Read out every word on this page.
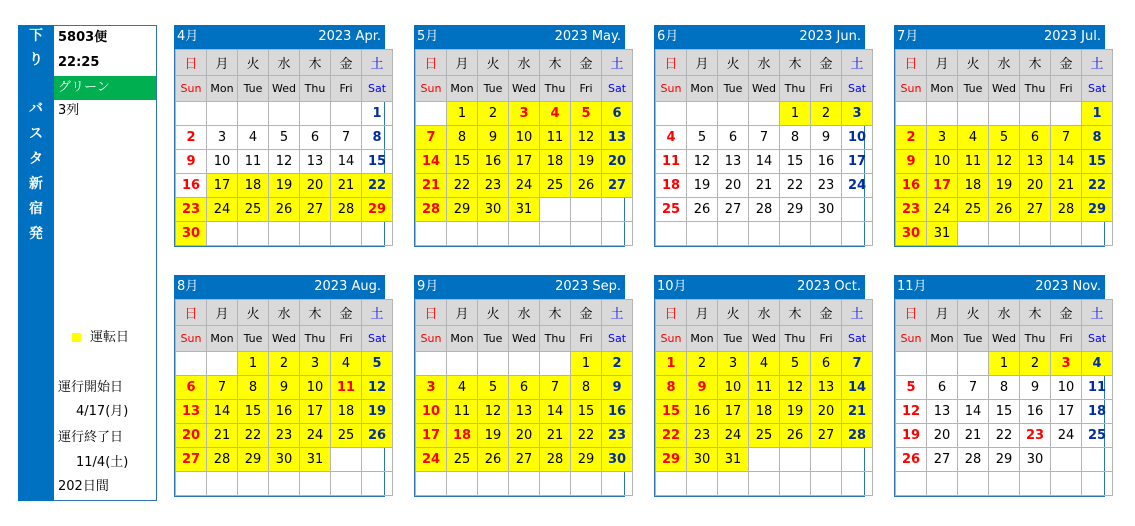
下
り
バ
ス
タ
新
宿
発
5803便
22:25
グリーン
3列
運転日
運行開始日
4/17(月)
運行終了日
11/4(土)
202日間
4月	2023 Apr.
日	月	火	水	木	金	土
Sun	Mon	Tue	Wed	Thu	Fri	Sat
						1
2	3	4	5	6	7	8
9	10	11	12	13	14	15
16	17	18	19	20	21	22
23	24	25	26	27	28	29
30						
5月	2023 May.
日	月	火	水	木	金	土
Sun	Mon	Tue	Wed	Thu	Fri	Sat
	1	2	3	4	5	6
7	8	9	10	11	12	13
14	15	16	17	18	19	20
21	22	23	24	25	26	27
28	29	30	31			

6月	2023 Jun.
日	月	火	水	木	金	土
Sun	Mon	Tue	Wed	Thu	Fri	Sat
				1	2	3
4	5	6	7	8	9	10
11	12	13	14	15	16	17
18	19	20	21	22	23	24
25	26	27	28	29	30	

7月	2023 Jul.
日	月	火	水	木	金	土
Sun	Mon	Tue	Wed	Thu	Fri	Sat
						1
2	3	4	5	6	7	8
9	10	11	12	13	14	15
16	17	18	19	20	21	22
23	24	25	26	27	28	29
30	31					
8月	2023 Aug.
日	月	火	水	木	金	土
Sun	Mon	Tue	Wed	Thu	Fri	Sat
		1	2	3	4	5
6	7	8	9	10	11	12
13	14	15	16	17	18	19
20	21	22	23	24	25	26
27	28	29	30	31		

9月	2023 Sep.
日	月	火	水	木	金	土
Sun	Mon	Tue	Wed	Thu	Fri	Sat
					1	2
3	4	5	6	7	8	9
10	11	12	13	14	15	16
17	18	19	20	21	22	23
24	25	26	27	28	29	30

10月	2023 Oct.
日	月	火	水	木	金	土
Sun	Mon	Tue	Wed	Thu	Fri	Sat
1	2	3	4	5	6	7
8	9	10	11	12	13	14
15	16	17	18	19	20	21
22	23	24	25	26	27	28
29	30	31				

11月	2023 Nov.
日	月	火	水	木	金	土
Sun	Mon	Tue	Wed	Thu	Fri	Sat
			1	2	3	4
5	6	7	8	9	10	11
12	13	14	15	16	17	18
19	20	21	22	23	24	25
26	27	28	29	30		
